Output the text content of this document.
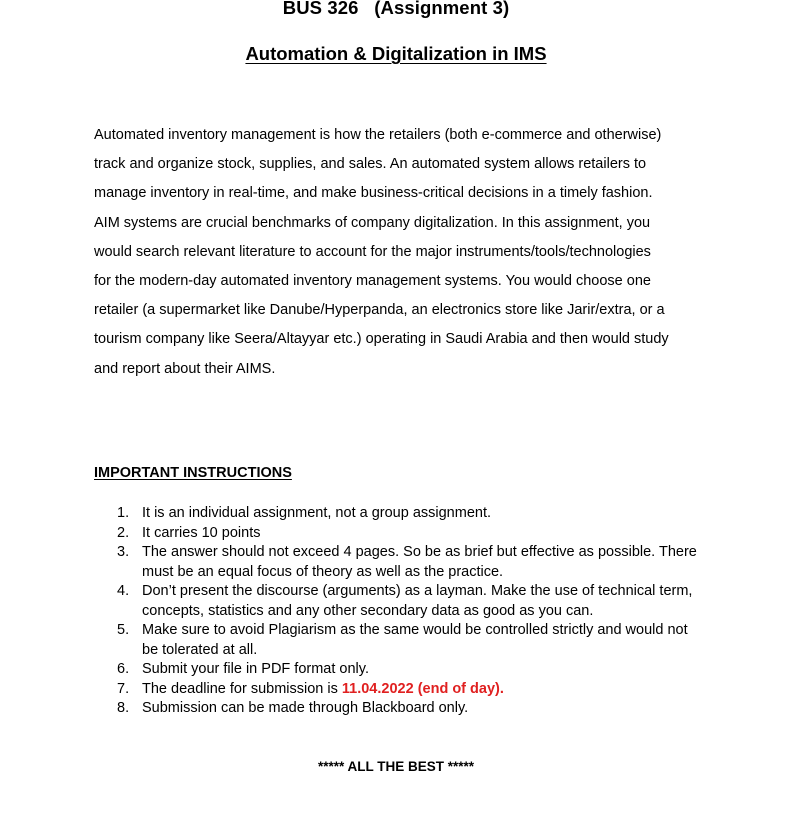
BUS 326   (Assignment 3)
Automation & Digitalization in IMS
Automated inventory management is how the retailers (both e-commerce and otherwise)
track and organize stock, supplies, and sales. An automated system allows retailers to
manage inventory in real-time, and make business-critical decisions in a timely fashion.
AIM systems are crucial benchmarks of company digitalization. In this assignment, you
would search relevant literature to account for the major instruments/tools/technologies
for the modern-day automated inventory management systems. You would choose one
retailer (a supermarket like Danube/Hyperpanda, an electronics store like Jarir/extra, or a
tourism company like Seera/Altayyar etc.) operating in Saudi Arabia and then would study
and report about their AIMS.
IMPORTANT INSTRUCTIONS
1. It is an individual assignment, not a group assignment.
2. It carries 10 points
3. The answer should not exceed 4 pages. So be as brief but effective as possible. There
must be an equal focus of theory as well as the practice.
4. Don’t present the discourse (arguments) as a layman. Make the use of technical term,
concepts, statistics and any other secondary data as good as you can.
5. Make sure to avoid Plagiarism as the same would be controlled strictly and would not
be tolerated at all.
6. Submit your file in PDF format only.
7. The deadline for submission is 11.04.2022 (end of day).
8. Submission can be made through Blackboard only.
***** ALL THE BEST *****
